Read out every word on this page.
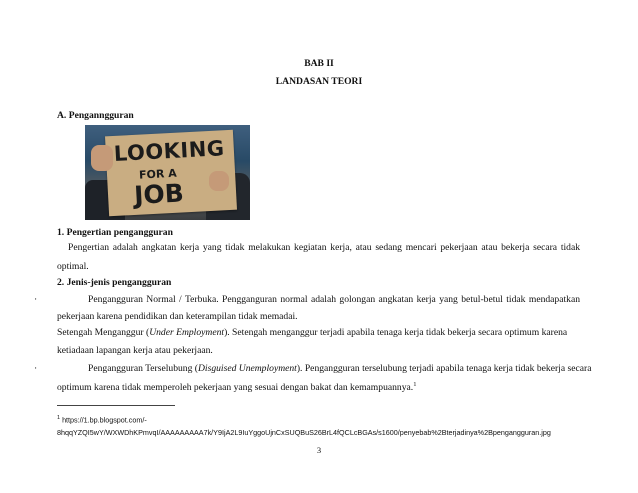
BAB II
LANDASAN TEORI
A. Penganngguran
LOOKING
FOR A
JOB
1. Pengertian pengangguran
Pengertian adalah angkatan kerja yang tidak melakukan kegiatan kerja, atau sedang mencari pekerjaan atau bekerja secara tidak
optimal.
2. Jenis-jenis pengangguran
·	Pengangguran Normal / Terbuka. Pengganguran normal adalah golongan angkatan kerja yang betul-betul tidak mendapatkan
pekerjaan karena pendidikan dan keterampilan tidak memadai.
Setengah Menganggur (Under Employment). Setengah menganggur terjadi apabila tenaga kerja tidak bekerja secara optimum karena
ketiadaan lapangan kerja atau pekerjaan.
·	Pengangguran Terselubung (Disguised Unemployment). Pengangguran terselubung terjadi apabila tenaga kerja tidak bekerja secara
optimum karena tidak memperoleh pekerjaan yang sesuai dengan bakat dan kemampuannya.$^1$
$^1$ https://1.bp.blogspot.com/-
8hqqYZQI5wY/WXWDhKPmvqI/AAAAAAAAA7k/Y9IjA2L9IuYggoUjnCxSUQBuS26BrL4fQCLcBGAs/s1600/penyebab%2Bterjadinya%2Bpengangguran.jpg
3
